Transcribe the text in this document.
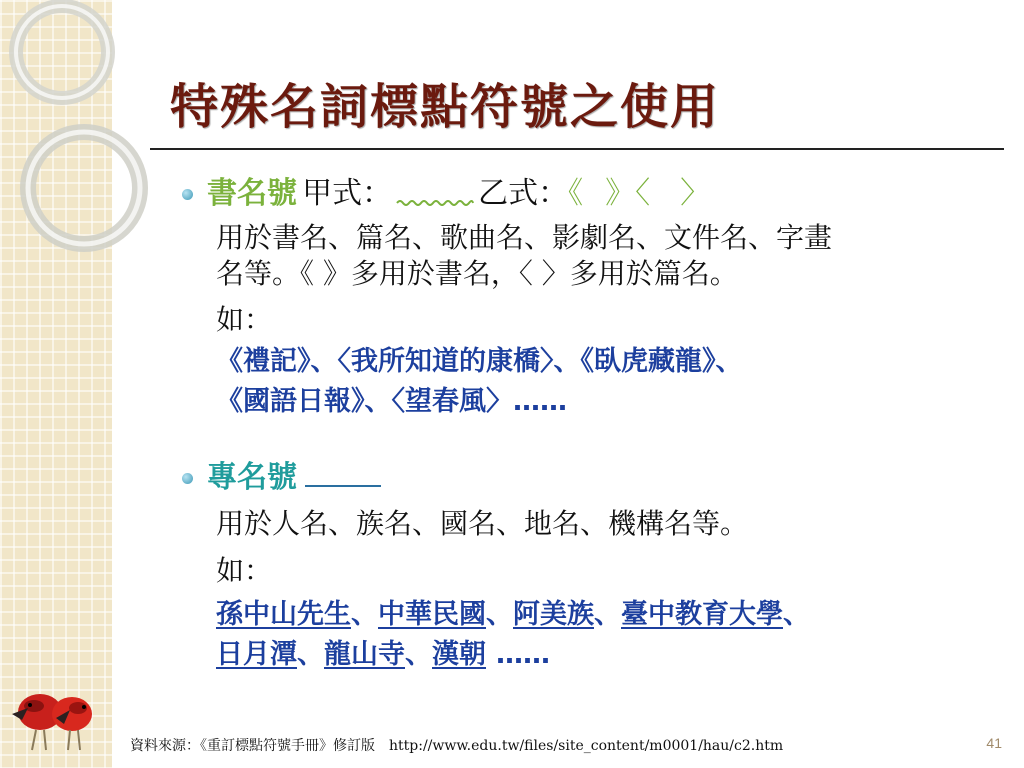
特殊名詞標點符號之使用
書名號 甲式：	乙式：《 》〈 〉

用於書名、篇名、歌曲名、影劇名、文件名、字畫
名等。《 》多用於書名，〈 〉多用於篇名。

如：

《禮記》、〈我所知道的康橋〉、《臥虎藏龍》、
《國語日報》、〈望春風〉……

專名號

用於人名、族名、國名、地名、機構名等。

如：

孫中山先生、中華民國、阿美族、臺中教育大學、
日月潭、龍山寺、漢朝 ……

資料來源：《重訂標點符號手冊》修訂版　http://www.edu.tw/files/site_content/m0001/hau/c2.htm	41
